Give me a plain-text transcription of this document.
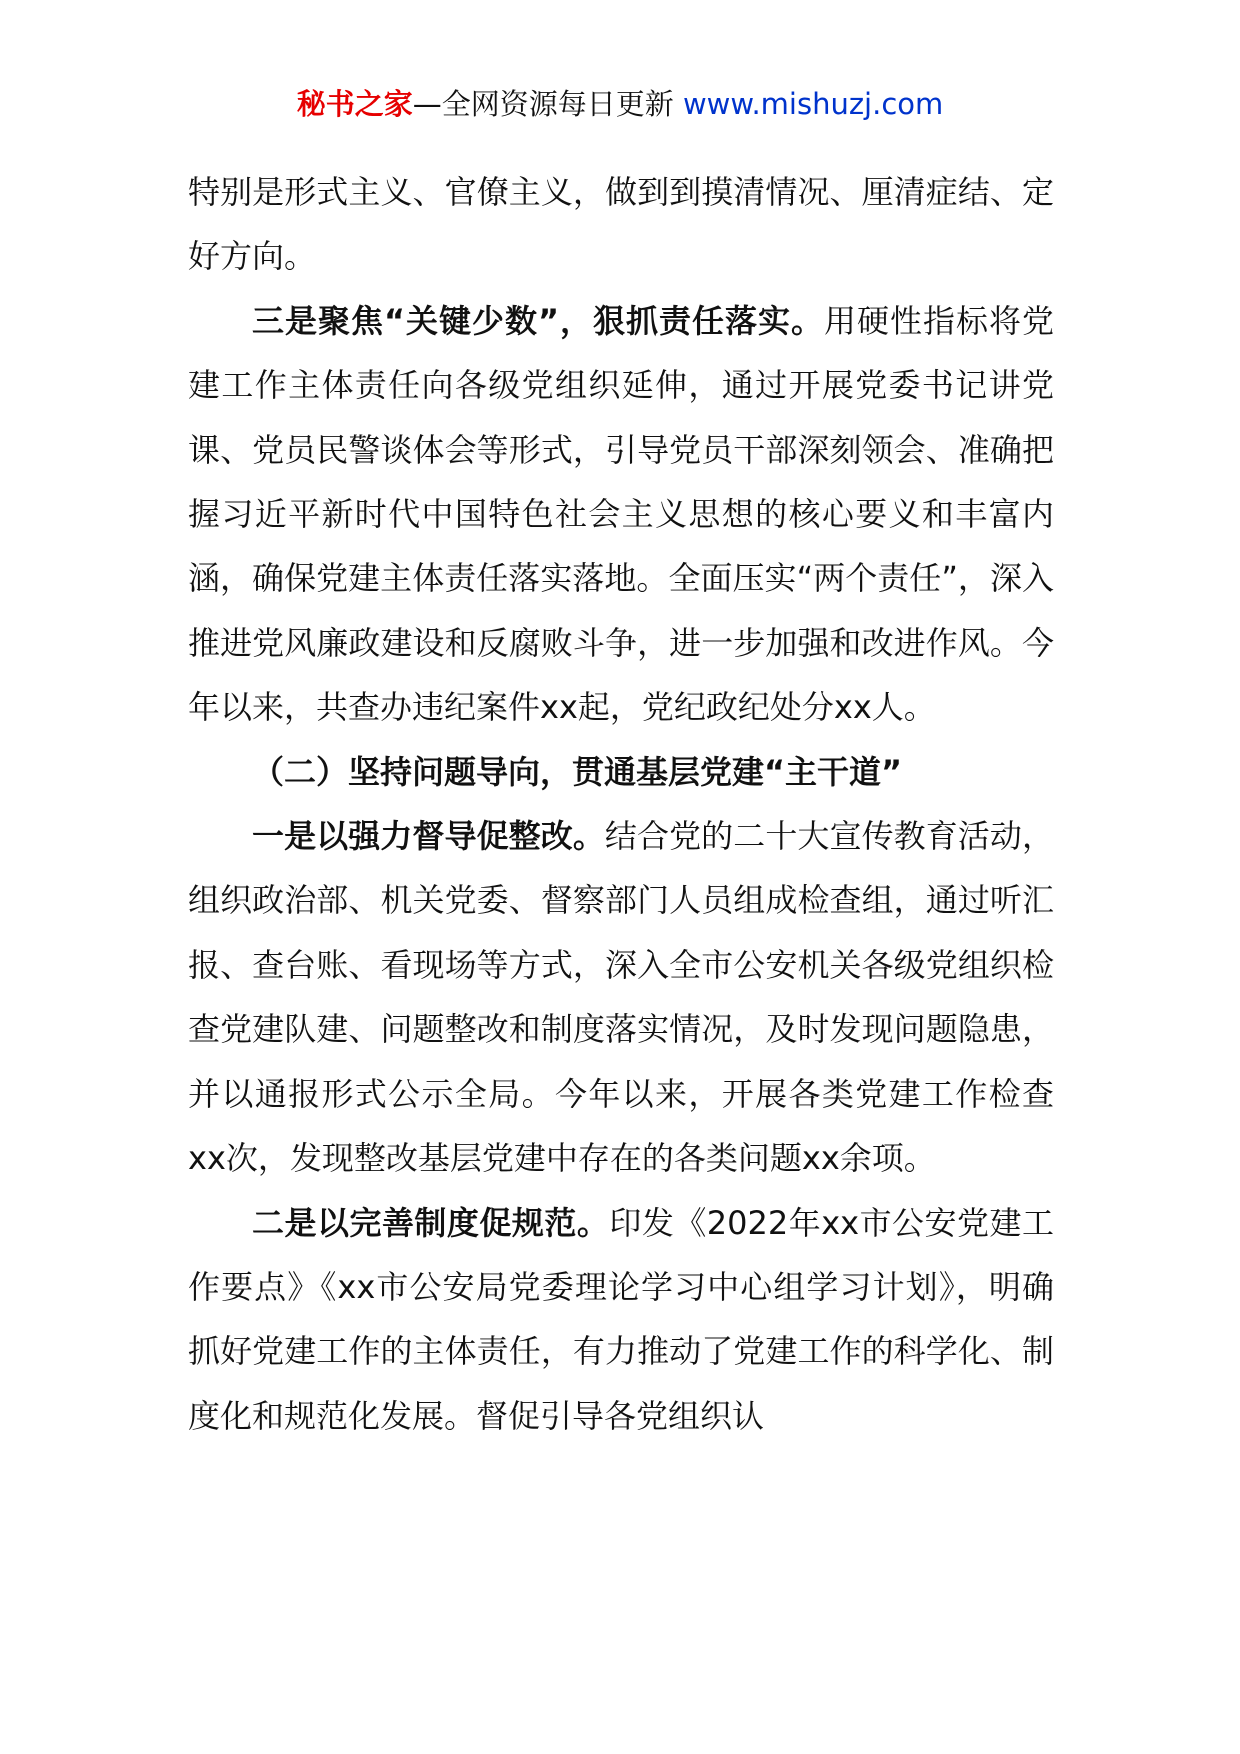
秘书之家—全网资源每日更新 www.mishuzj.com

特别是形式主义、官僚主义，做到到摸清情况、厘清症结、定好方向。

三是聚焦“关键少数”，狠抓责任落实。用硬性指标将党建工作主体责任向各级党组织延伸，通过开展党委书记讲党课、党员民警谈体会等形式，引导党员干部深刻领会、准确把握习近平新时代中国特色社会主义思想的核心要义和丰富内涵，确保党建主体责任落实落地。全面压实“两个责任”，深入推进党风廉政建设和反腐败斗争，进一步加强和改进作风。今年以来，共查办违纪案件xx起，党纪政纪处分xx人。

（二）坚持问题导向，贯通基层党建“主干道”

一是以强力督导促整改。结合党的二十大宣传教育活动，组织政治部、机关党委、督察部门人员组成检查组，通过听汇报、查台账、看现场等方式，深入全市公安机关各级党组织检查党建队建、问题整改和制度落实情况，及时发现问题隐患，并以通报形式公示全局。今年以来，开展各类党建工作检查xx次，发现整改基层党建中存在的各类问题xx余项。

二是以完善制度促规范。印发《2022年xx市公安党建工作要点》《xx市公安局党委理论学习中心组学习计划》，明确抓好党建工作的主体责任，有力推动了党建工作的科学化、制度化和规范化发展。督促引导各党组织认
